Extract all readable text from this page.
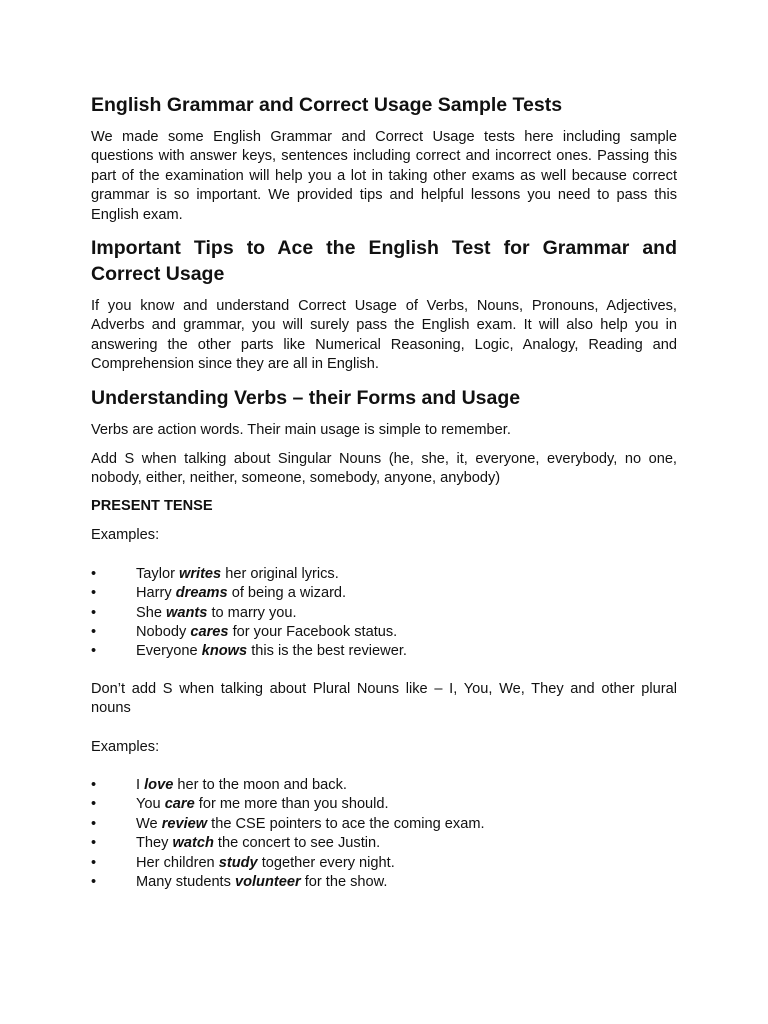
English Grammar and Correct Usage Sample Tests

We made some English Grammar and Correct Usage tests here including sample questions with answer keys, sentences including correct and incorrect ones. Passing this part of the examination will help you a lot in taking other exams as well because correct grammar is so important. We provided tips and helpful lessons you need to pass this English exam.

Important Tips to Ace the English Test for Grammar and Correct Usage

If you know and understand Correct Usage of Verbs, Nouns, Pronouns, Adjectives, Adverbs and grammar, you will surely pass the English exam. It will also help you in answering the other parts like Numerical Reasoning, Logic, Analogy, Reading and Comprehension since they are all in English.

Understanding Verbs – their Forms and Usage

Verbs are action words. Their main usage is simple to remember.

Add S when talking about Singular Nouns (he, she, it, everyone, everybody, no one, nobody, either, neither, someone, somebody, anyone, anybody)

PRESENT TENSE

Examples:

•	Taylor writes her original lyrics.
•	Harry dreams of being a wizard.
•	She wants to marry you.
•	Nobody cares for your Facebook status.
•	Everyone knows this is the best reviewer.

Don’t add S when talking about Plural Nouns like – I, You, We, They and other plural nouns

Examples:

•	I love her to the moon and back.
•	You care for me more than you should.
•	We review the CSE pointers to ace the coming exam.
•	They watch the concert to see Justin.
•	Her children study together every night.
•	Many students volunteer for the show.
